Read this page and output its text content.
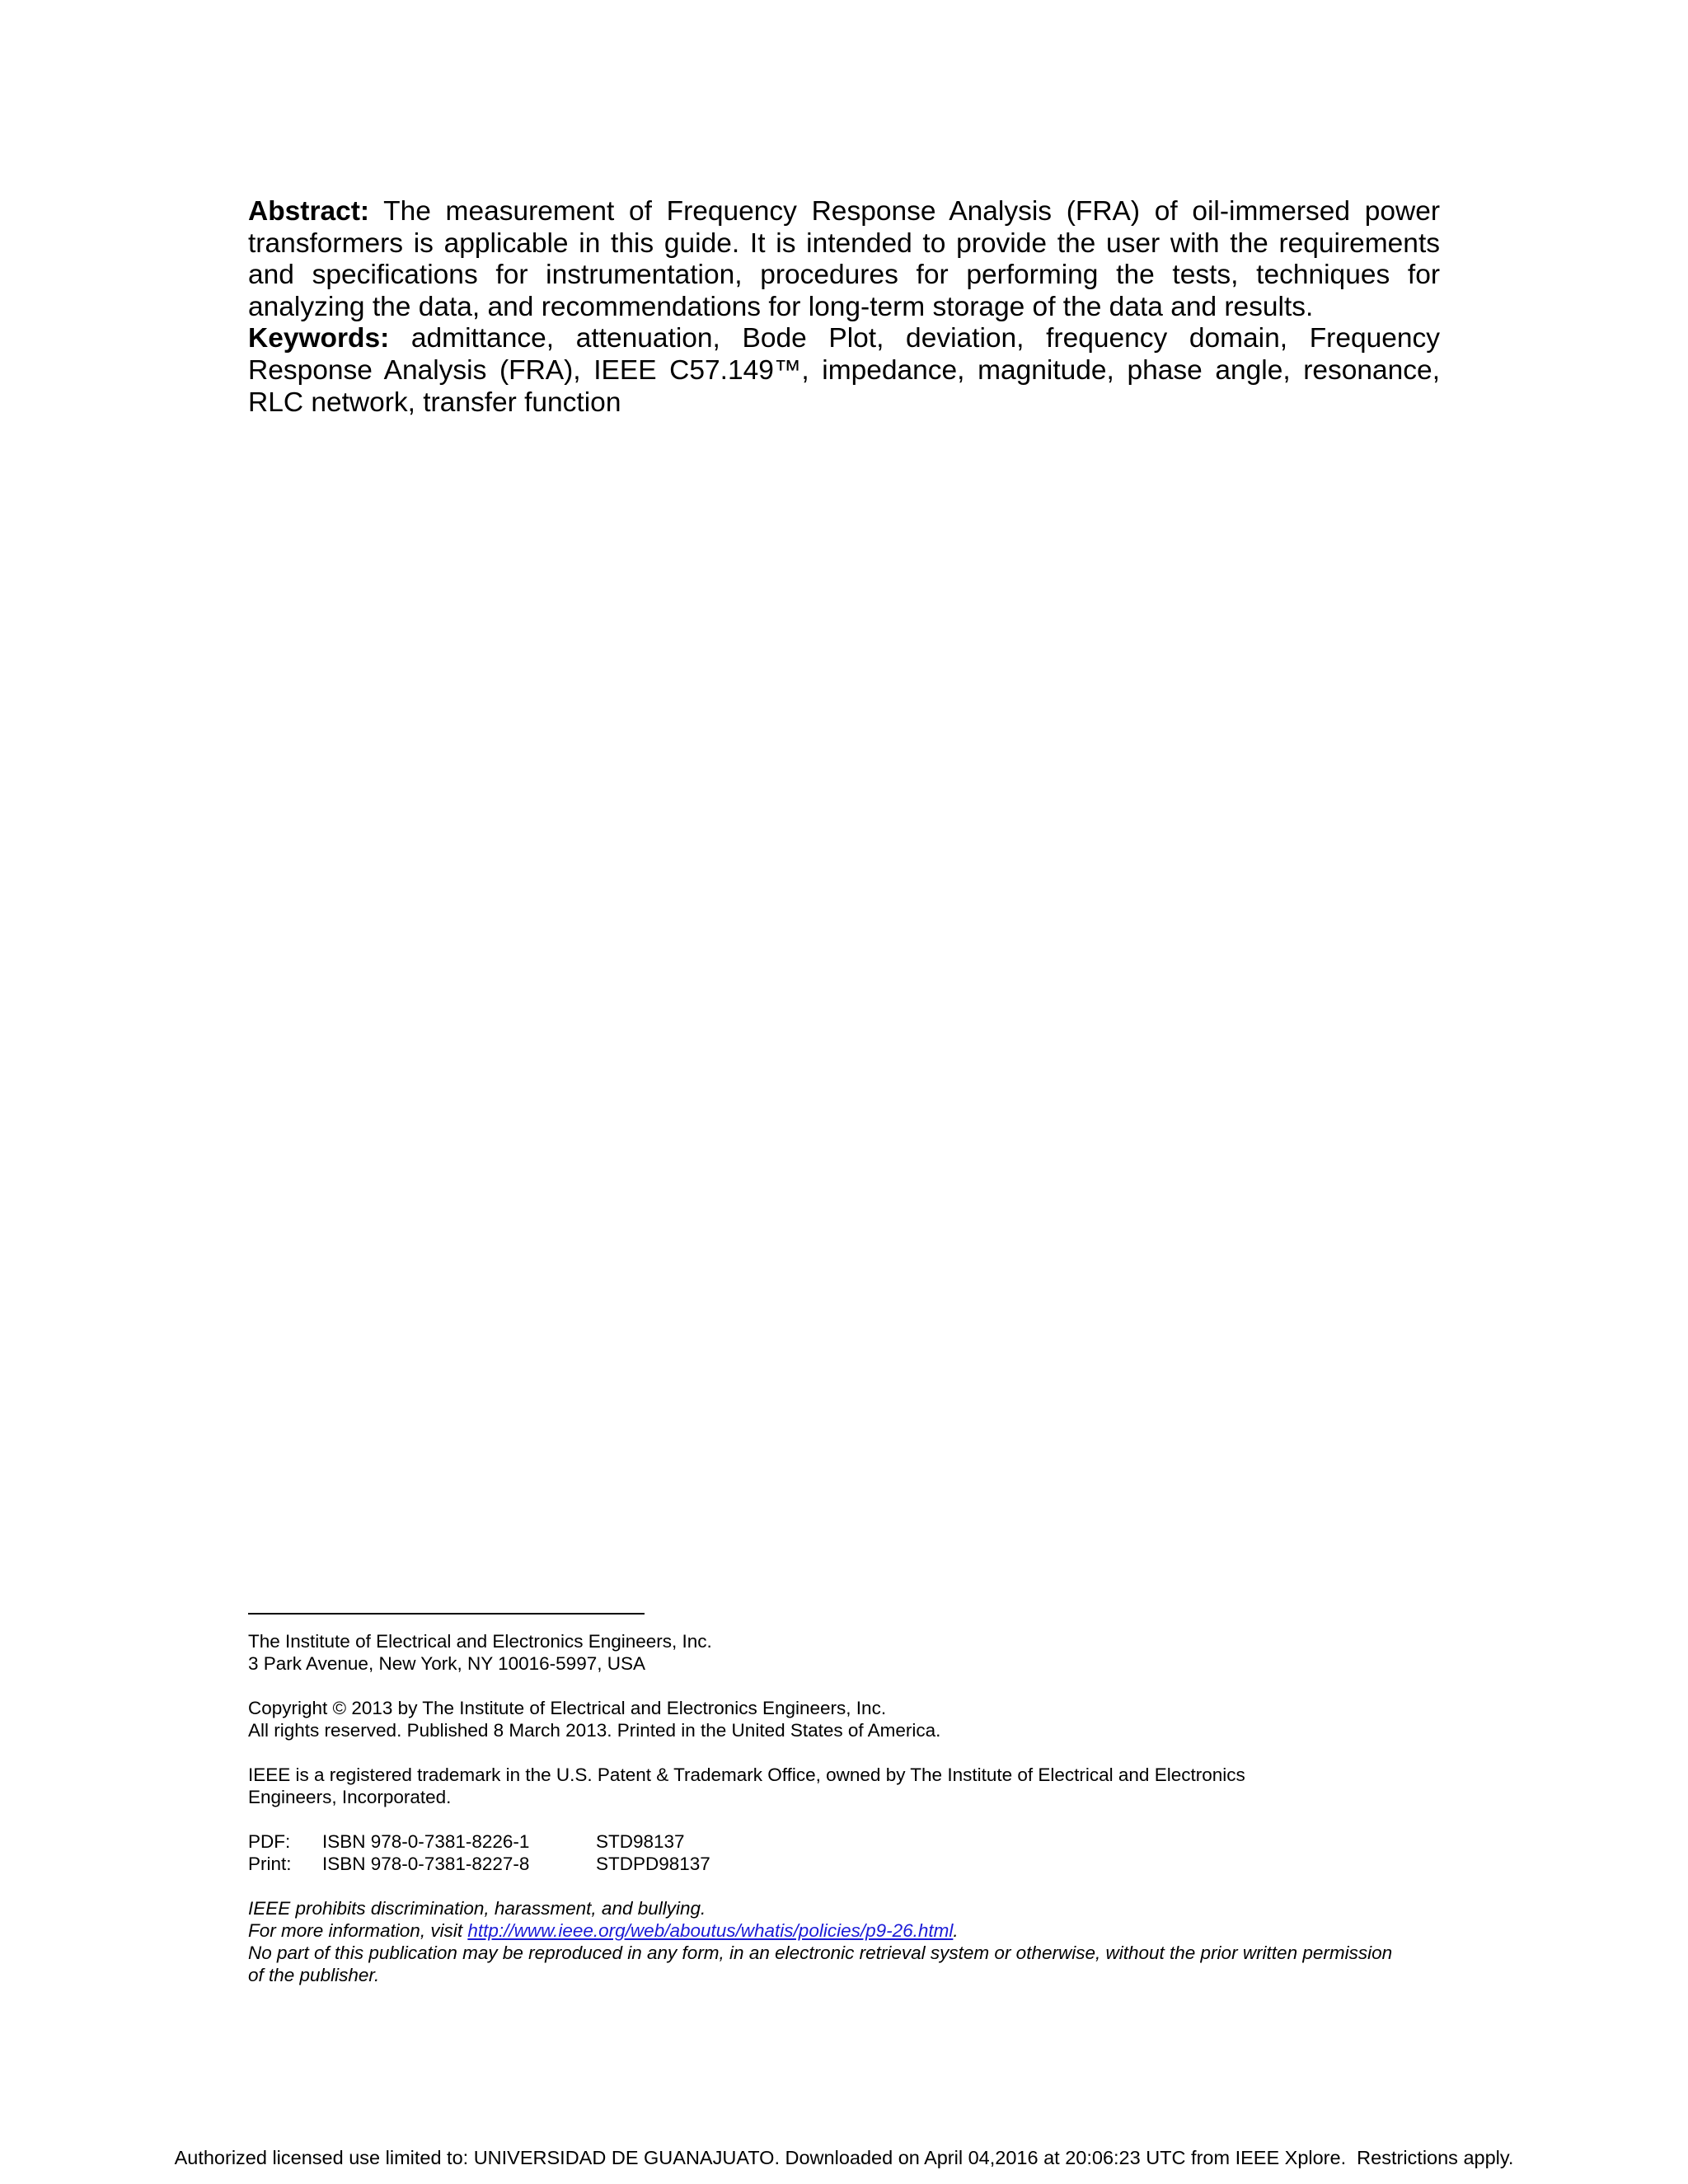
Abstract: The measurement of Frequency Response Analysis (FRA) of oil-immersed power transformers is applicable in this guide. It is intended to provide the user with the requirements and specifications for instrumentation, procedures for performing the tests, techniques for analyzing the data, and recommendations for long-term storage of the data and results.

Keywords: admittance, attenuation, Bode Plot, deviation, frequency domain, Frequency Response Analysis (FRA), IEEE C57.149™, impedance, magnitude, phase angle, resonance, RLC network, transfer function

The Institute of Electrical and Electronics Engineers, Inc.
3 Park Avenue, New York, NY 10016-5997, USA
Copyright © 2013 by The Institute of Electrical and Electronics Engineers, Inc.
All rights reserved. Published 8 March 2013. Printed in the United States of America.
IEEE is a registered trademark in the U.S. Patent & Trademark Office, owned by The Institute of Electrical and Electronics
Engineers, Incorporated.
PDF: ISBN 978-0-7381-8226-1	STD98137
Print: ISBN 978-0-7381-8227-8	STDPD98137
IEEE prohibits discrimination, harassment, and bullying.
For more information, visit http://www.ieee.org/web/aboutus/whatis/policies/p9-26.html.
No part of this publication may be reproduced in any form, in an electronic retrieval system or otherwise, without the prior written permission
of the publisher.
Authorized licensed use limited to: UNIVERSIDAD DE GUANAJUATO. Downloaded on April 04,2016 at 20:06:23 UTC from IEEE Xplore.  Restrictions apply.
